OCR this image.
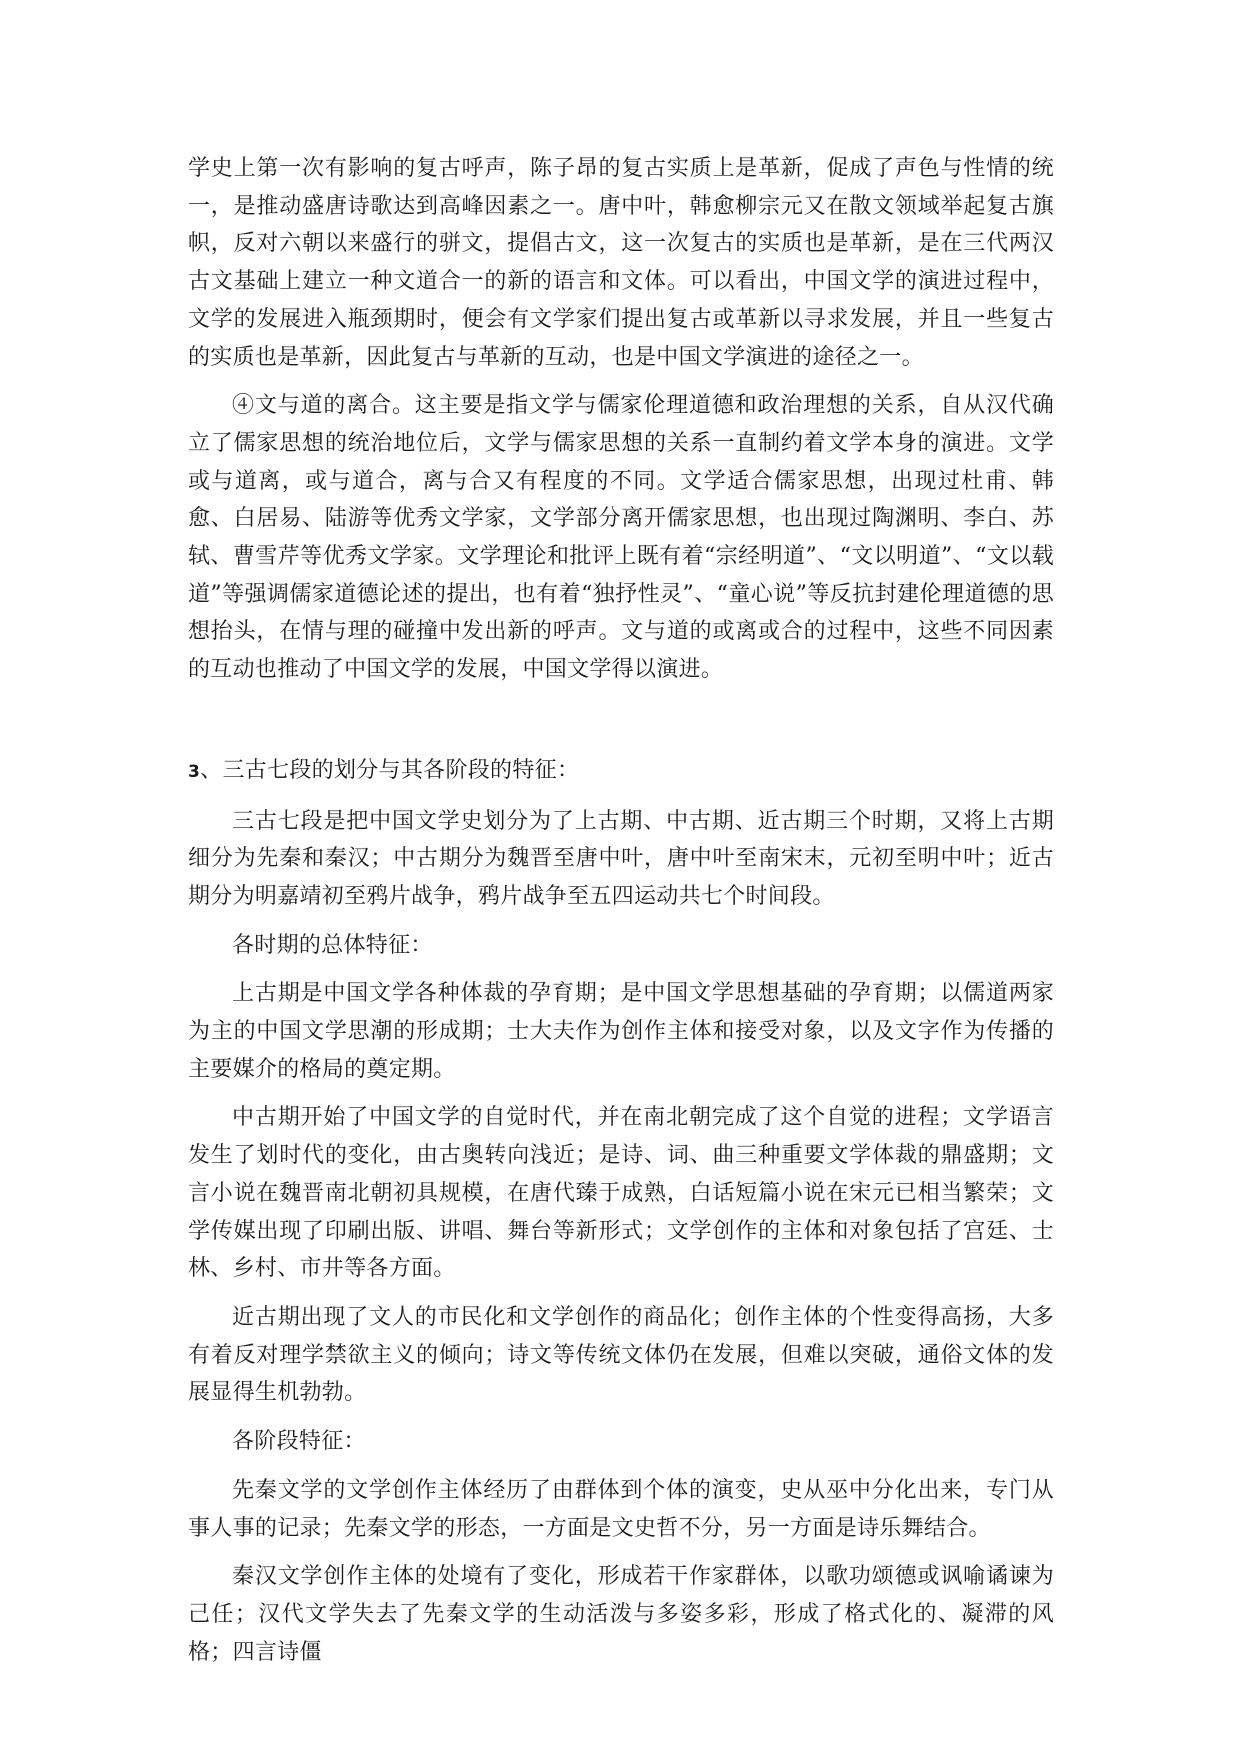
学史上第一次有影响的复古呼声，陈子昂的复古实质上是革新，促成了声色与性情的统一，是推动盛唐诗歌达到高峰因素之一。唐中叶，韩愈柳宗元又在散文领域举起复古旗帜，反对六朝以来盛行的骈文，提倡古文，这一次复古的实质也是革新，是在三代两汉古文基础上建立一种文道合一的新的语言和文体。可以看出，中国文学的演进过程中，文学的发展进入瓶颈期时，便会有文学家们提出复古或革新以寻求发展，并且一些复古的实质也是革新，因此复古与革新的互动，也是中国文学演进的途径之一。

④文与道的离合。这主要是指文学与儒家伦理道德和政治理想的关系，自从汉代确立了儒家思想的统治地位后，文学与儒家思想的关系一直制约着文学本身的演进。文学或与道离，或与道合，离与合又有程度的不同。文学适合儒家思想，出现过杜甫、韩愈、白居易、陆游等优秀文学家，文学部分离开儒家思想，也出现过陶渊明、李白、苏轼、曹雪芹等优秀文学家。文学理论和批评上既有着“宗经明道”、“文以明道”、“文以载道”等强调儒家道德论述的提出，也有着“独抒性灵”、“童心说”等反抗封建伦理道德的思想抬头，在情与理的碰撞中发出新的呼声。文与道的或离或合的过程中，这些不同因素的互动也推动了中国文学的发展，中国文学得以演进。

3、三古七段的划分与其各阶段的特征：

三古七段是把中国文学史划分为了上古期、中古期、近古期三个时期，又将上古期细分为先秦和秦汉；中古期分为魏晋至唐中叶，唐中叶至南宋末，元初至明中叶；近古期分为明嘉靖初至鸦片战争，鸦片战争至五四运动共七个时间段。

各时期的总体特征：

上古期是中国文学各种体裁的孕育期；是中国文学思想基础的孕育期；以儒道两家为主的中国文学思潮的形成期；士大夫作为创作主体和接受对象，以及文字作为传播的主要媒介的格局的奠定期。

中古期开始了中国文学的自觉时代，并在南北朝完成了这个自觉的进程；文学语言发生了划时代的变化，由古奥转向浅近；是诗、词、曲三种重要文学体裁的鼎盛期；文言小说在魏晋南北朝初具规模，在唐代臻于成熟，白话短篇小说在宋元已相当繁荣；文学传媒出现了印刷出版、讲唱、舞台等新形式；文学创作的主体和对象包括了宫廷、士林、乡村、市井等各方面。

近古期出现了文人的市民化和文学创作的商品化；创作主体的个性变得高扬，大多有着反对理学禁欲主义的倾向；诗文等传统文体仍在发展，但难以突破，通俗文体的发展显得生机勃勃。

各阶段特征：

先秦文学的文学创作主体经历了由群体到个体的演变，史从巫中分化出来，专门从事人事的记录；先秦文学的形态，一方面是文史哲不分，另一方面是诗乐舞结合。

秦汉文学创作主体的处境有了变化，形成若干作家群体，以歌功颂德或讽喻谲谏为己任；汉代文学失去了先秦文学的生动活泼与多姿多彩，形成了格式化的、凝滞的风格；四言诗僵
